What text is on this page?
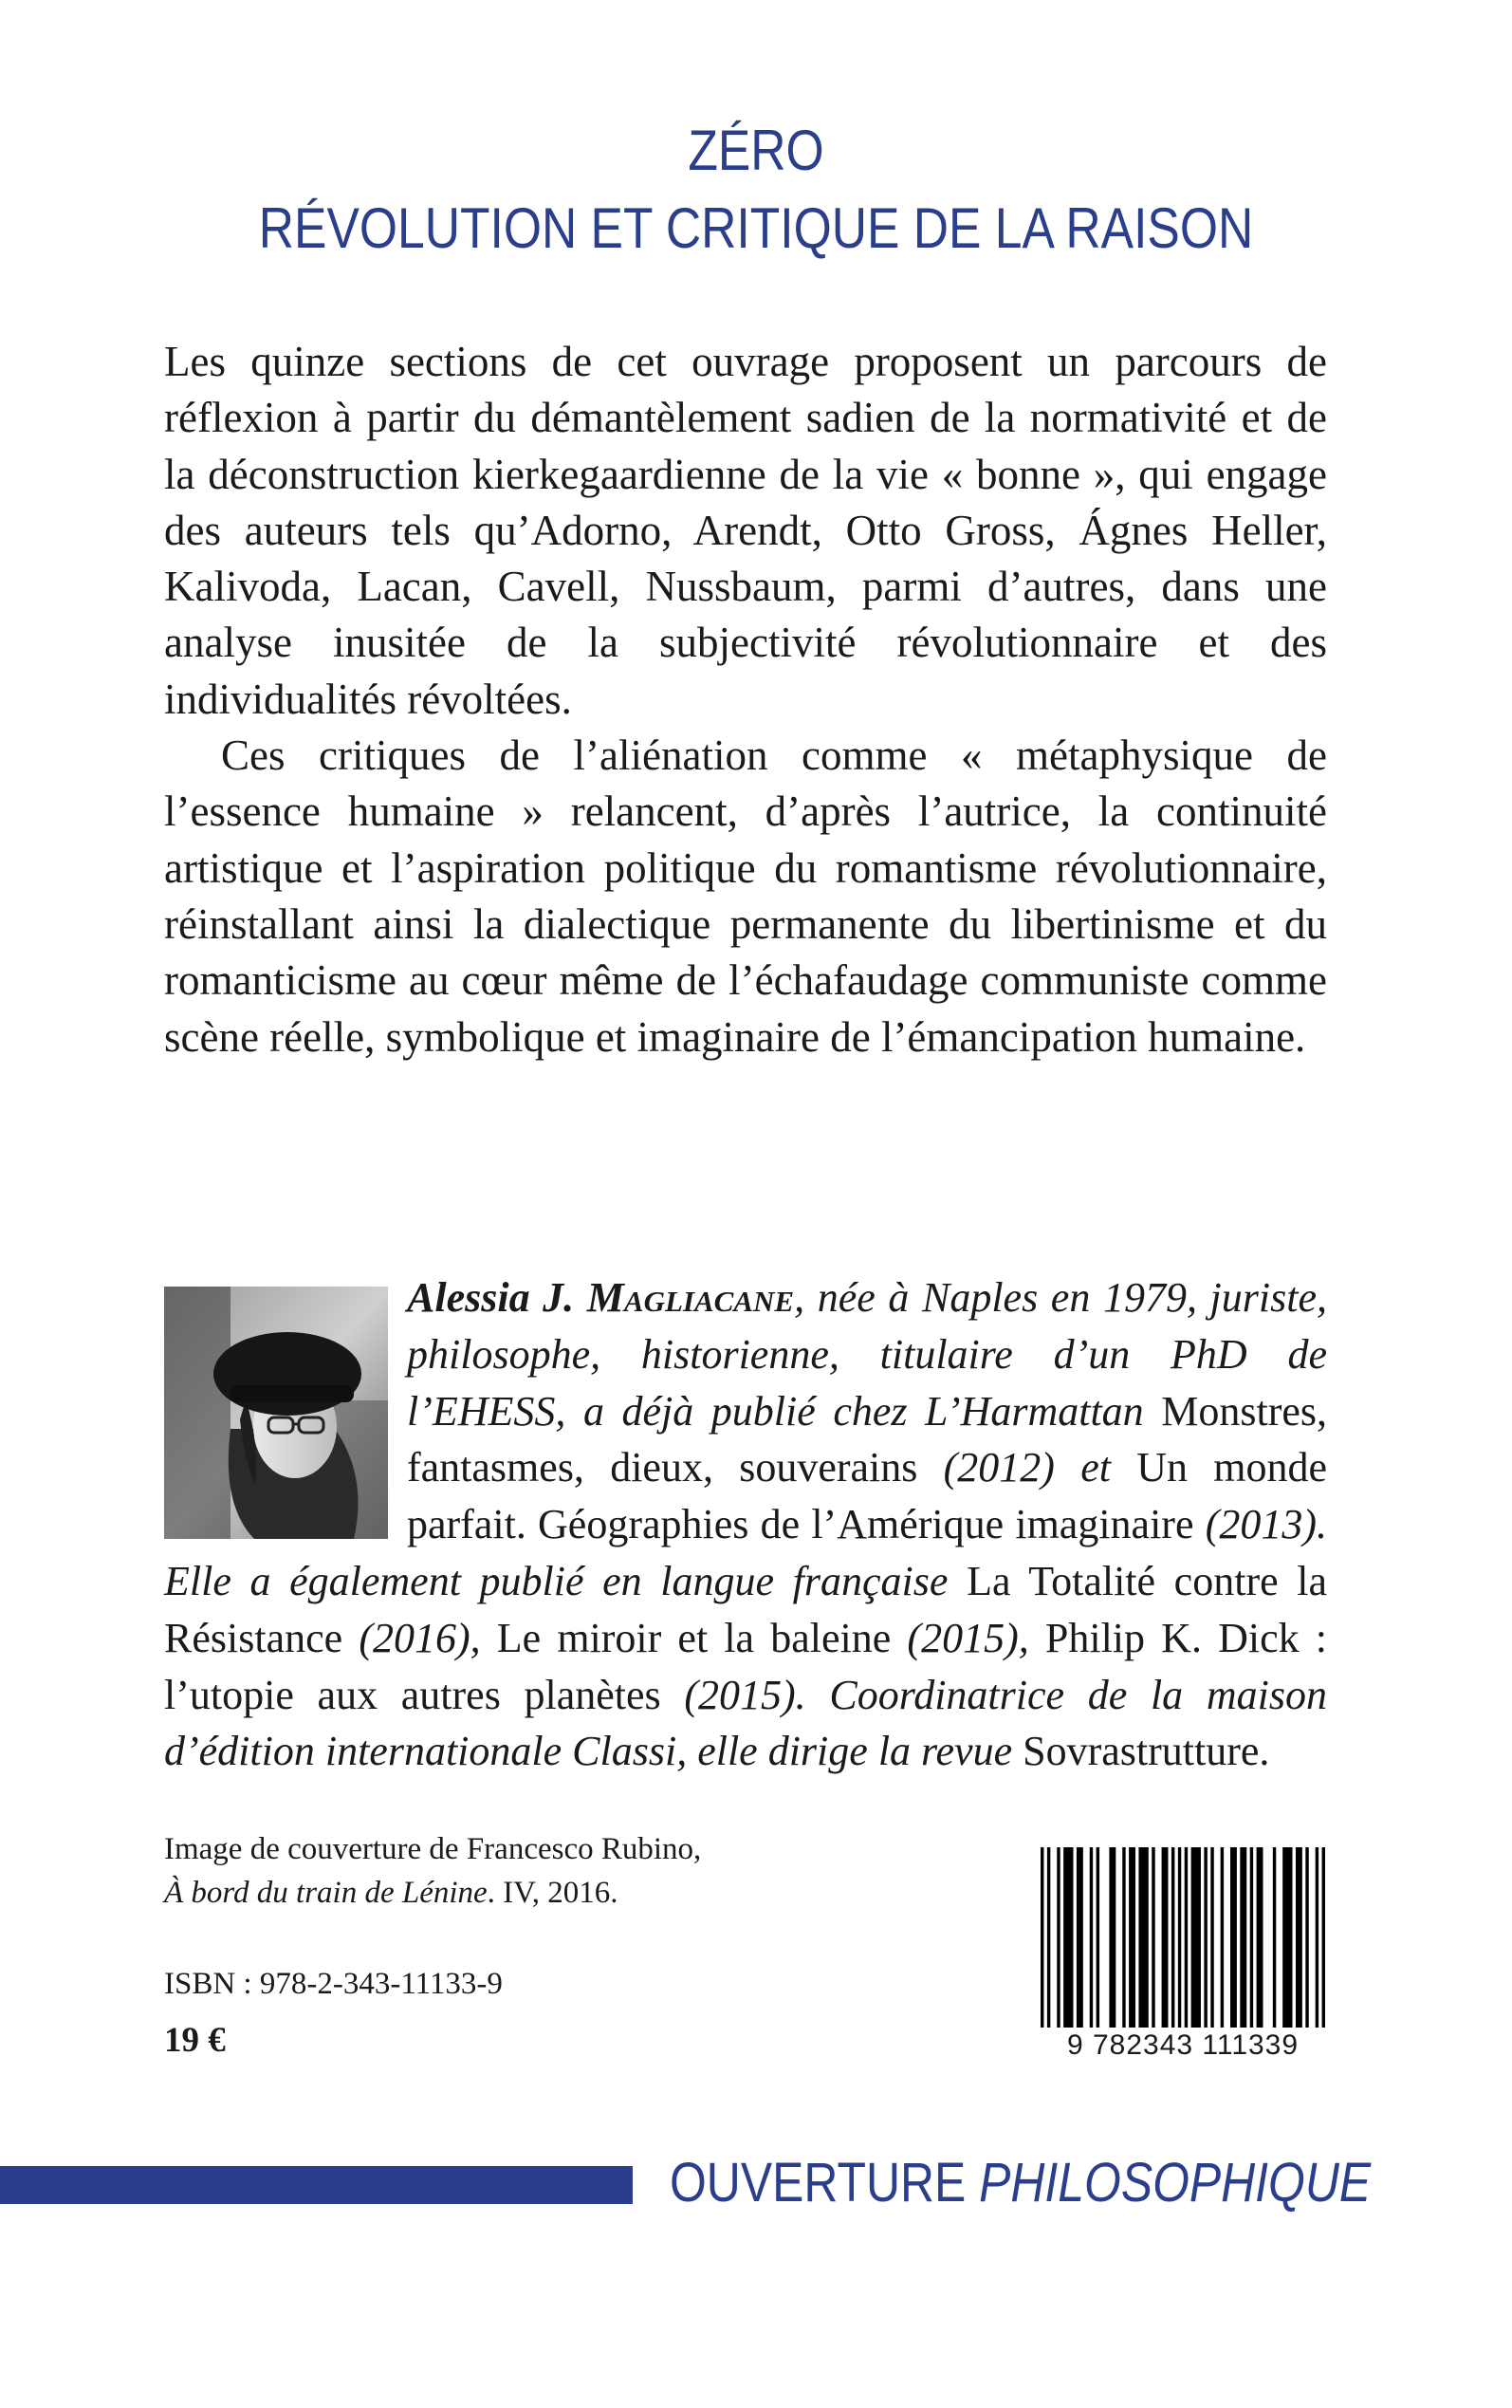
ZÉRO
RÉVOLUTION ET CRITIQUE DE LA RAISON

Les quinze sections de cet ouvrage proposent un parcours de réflexion à partir du démantèlement sadien de la normativité et de la déconstruction kierkegaardienne de la vie « bonne », qui engage des auteurs tels qu’Adorno, Arendt, Otto Gross, Ágnes Heller, Kalivoda, Lacan, Cavell, Nussbaum, parmi d’autres, dans une analyse inusitée de la subjectivité révolutionnaire et des individualités révoltées.

Ces critiques de l’aliénation comme « métaphysique de l’essence humaine » relancent, d’après l’autrice, la continuité artistique et l’aspiration politique du romantisme révolutionnaire, réinstallant ainsi la dialectique permanente du libertinisme et du romanticisme au cœur même de l’échafaudage communiste comme scène réelle, symbolique et imaginaire de l’émancipation humaine.

Alessia J. Magliacane, née à Naples en 1979, juriste, philosophe, historienne, titulaire d’un PhD de l’EHESS, a déjà publié chez L’Harmattan Monstres, fantasmes, dieux, souverains (2012) et Un monde parfait. Géographies de l’Amérique imaginaire (2013). Elle a également publié en langue française La Totalité contre la Résistance (2016), Le miroir et la baleine (2015), Philip K. Dick : l’utopie aux autres planètes (2015). Coordinatrice de la maison d’édition internationale Classi, elle dirige la revue Sovrastrutture.

Image de couverture de Francesco Rubino,
À bord du train de Lénine. IV, 2016.
ISBN : 978-2-343-11133-9
19 €	9 782343 111339
OUVERTURE PHILOSOPHIQUE
